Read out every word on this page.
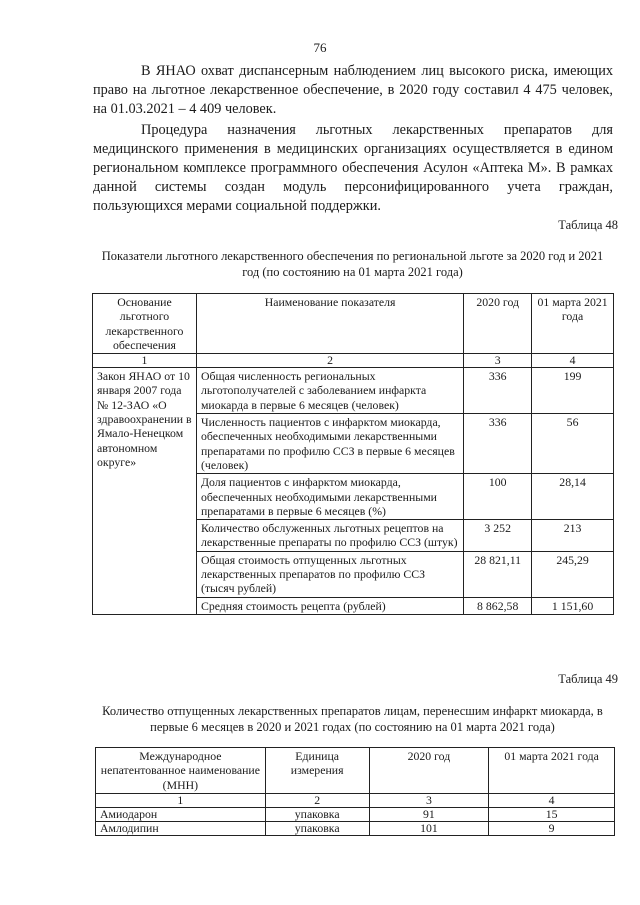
76

В ЯНАО охват диспансерным наблюдением лиц высокого риска, имеющих право на льготное лекарственное обеспечение, в 2020 году составил 4 475 человек, на 01.03.2021 – 4 409 человек.

Процедура назначения льготных лекарственных препаратов для медицинского применения в медицинских организациях осуществляется в едином региональном комплексе программного обеспечения Асулон «Аптека М». В рамках данной системы создан модуль персонифицированного учета граждан, пользующихся мерами социальной поддержки.

Таблица 48
Показатели льготного лекарственного обеспечения по региональной льготе за 2020 год и 2021 год (по состоянию на 01 марта 2021 года)
Основание льготного лекарственного обеспечения	Наименование показателя	2020 год	01 марта 2021 года
1	2	3	4
Закон ЯНАО от 10 января 2007 года № 12-ЗАО «О здравоохранении в Ямало-Ненецком автономном округе»	Общая численность региональных льготополучателей с заболеванием инфаркта миокарда в первые 6 месяцев (человек)	336	199
	Численность пациентов с инфарктом миокарда, обеспеченных необходимыми лекарственными препаратами по профилю ССЗ в первые 6 месяцев (человек)	336	56
	Доля пациентов с инфарктом миокарда, обеспеченных необходимыми лекарственными препаратами в первые 6 месяцев (%)	100	28,14
	Количество обслуженных льготных рецептов на лекарственные препараты по профилю ССЗ (штук)	3 252	213
	Общая стоимость отпущенных льготных лекарственных препаратов по профилю ССЗ (тысяч рублей)	28 821,11	245,29
	Средняя стоимость рецепта (рублей)	8 862,58	1 151,60
Таблица 49
Количество отпущенных лекарственных препаратов лицам, перенесшим инфаркт миокарда, в первые 6 месяцев в 2020 и 2021 годах (по состоянию на 01 марта 2021 года)
Международное непатентованное наименование (МНН)	Единица измерения	2020 год	01 марта 2021 года
1	2	3	4
Амиодарон	упаковка	91	15
Амлодипин	упаковка	101	9
